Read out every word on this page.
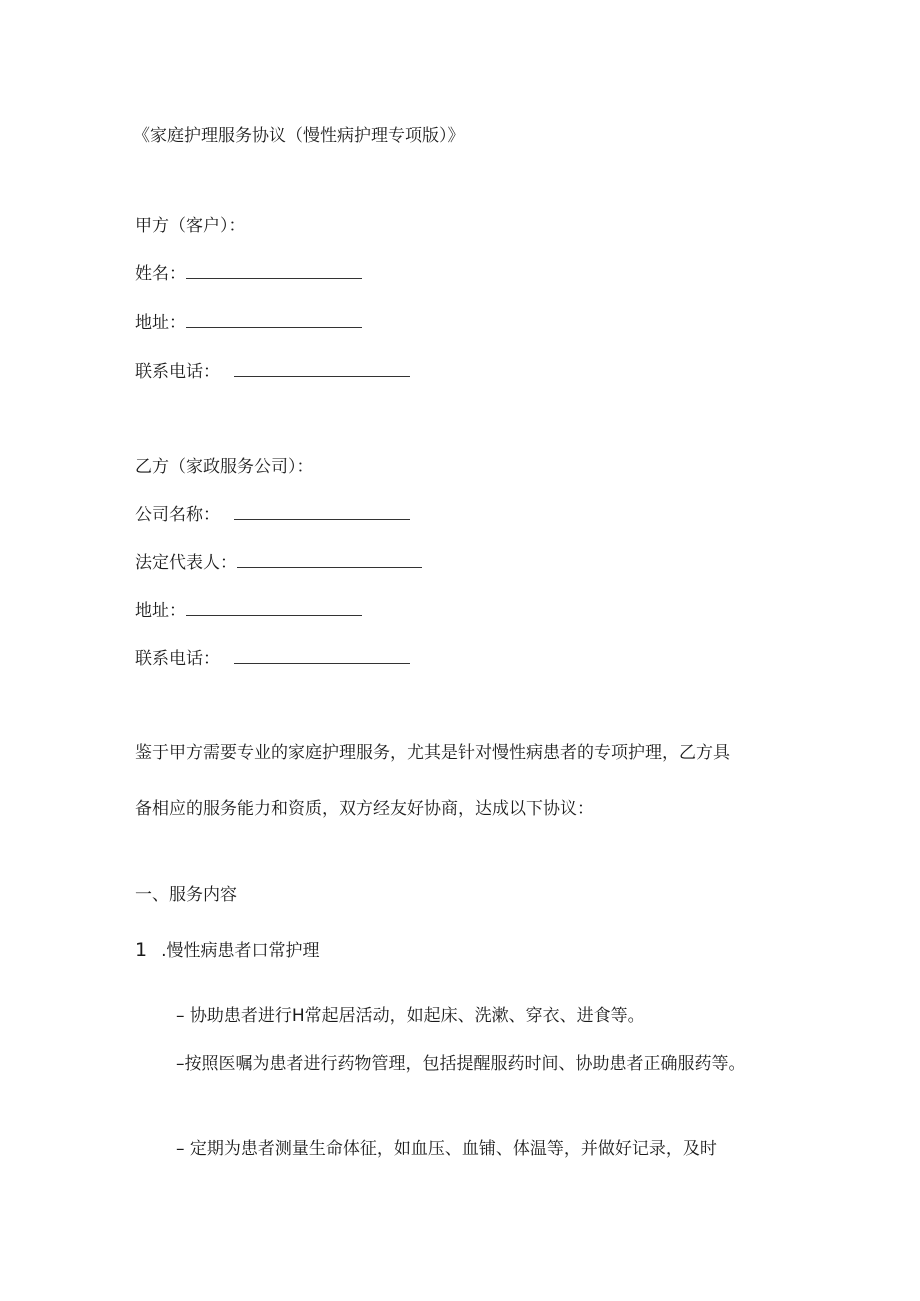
《家庭护理服务协议（慢性病护理专项版）》
甲方（客户）：
姓名：
地址：
联系电话：
乙方（家政服务公司）：
公司名称：
法定代表人：
地址：
联系电话：
鉴于甲方需要专业的家庭护理服务，尤其是针对慢性病患者的专项护理，乙方具
备相应的服务能力和资质，双方经友好协商，达成以下协议：
一、服务内容
1 .慢性病患者口常护理
– 协助患者进行H常起居活动，如起床、洗漱、穿衣、进食等。
–按照医嘱为患者进行药物管理，包括提醒服药时间、协助患者正确服药等。
– 定期为患者测量生命体征，如血压、血铺、体温等，并做好记录，及时
